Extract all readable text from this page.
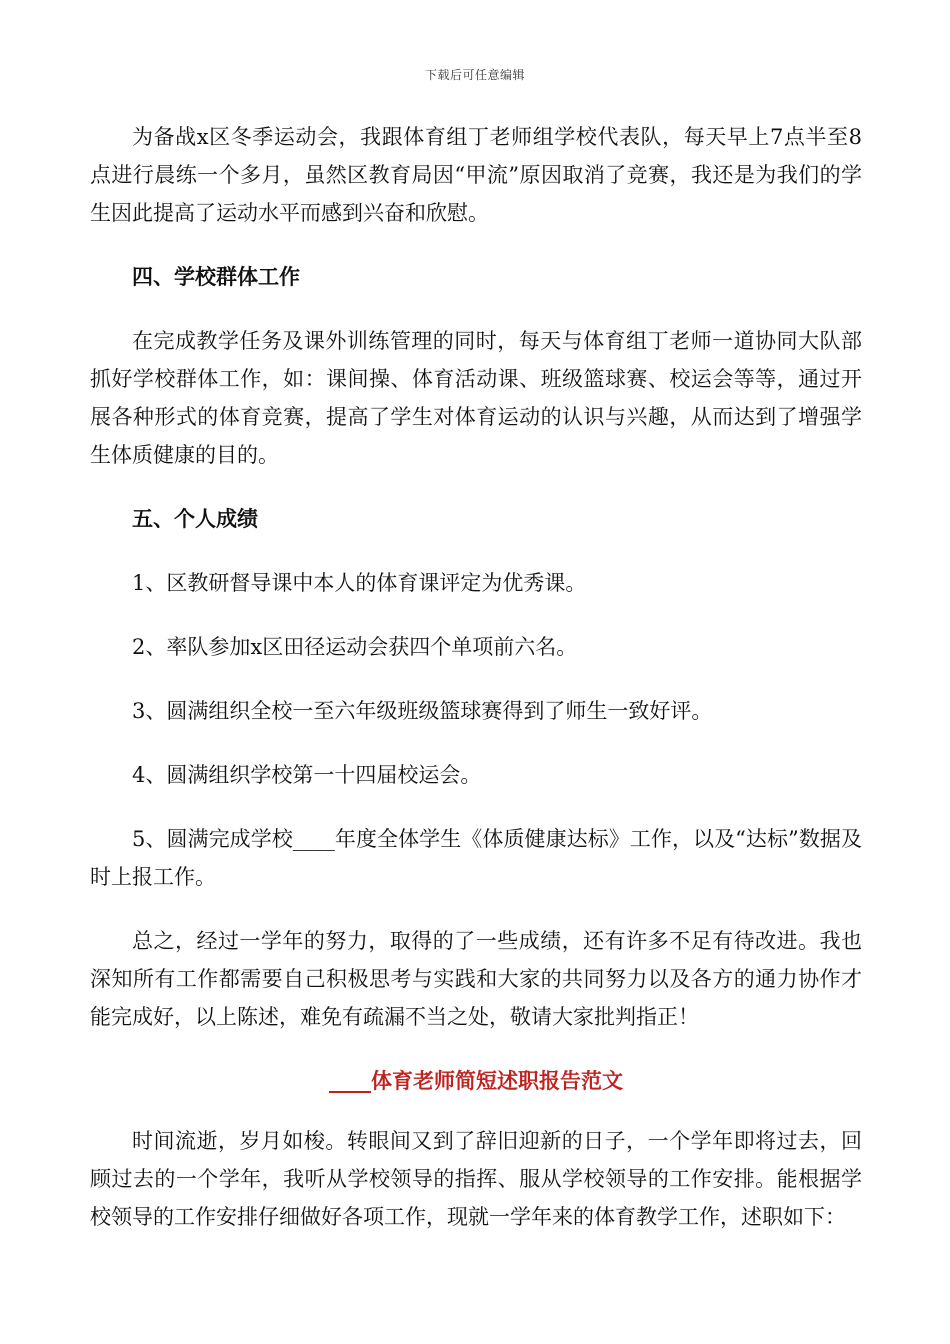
下载后可任意编辑

为备战x区冬季运动会，我跟体育组丁老师组学校代表队，每天早上7点半至8点进行晨练一个多月，虽然区教育局因“甲流”原因取消了竞赛，我还是为我们的学生因此提高了运动水平而感到兴奋和欣慰。

四、学校群体工作

在完成教学任务及课外训练管理的同时，每天与体育组丁老师一道协同大队部抓好学校群体工作，如：课间操、体育活动课、班级篮球赛、校运会等等，通过开展各种形式的体育竞赛，提高了学生对体育运动的认识与兴趣，从而达到了增强学生体质健康的目的。

五、个人成绩

1、区教研督导课中本人的体育课评定为优秀课。

2、率队参加x区田径运动会获四个单项前六名。

3、圆满组织全校一至六年级班级篮球赛得到了师生一致好评。

4、圆满组织学校第一十四届校运会。

5、圆满完成学校____年度全体学生《体质健康达标》工作，以及“达标”数据及时上报工作。

总之，经过一学年的努力，取得的了一些成绩，还有许多不足有待改进。我也深知所有工作都需要自己积极思考与实践和大家的共同努力以及各方的通力协作才能完成好，以上陈述，难免有疏漏不当之处，敬请大家批判指正！

____体育老师简短述职报告范文

时间流逝，岁月如梭。转眼间又到了辞旧迎新的日子，一个学年即将过去，回顾过去的一个学年，我听从学校领导的指挥、服从学校领导的工作安排。能根据学校领导的工作安排仔细做好各项工作，现就一学年来的体育教学工作，述职如下：
